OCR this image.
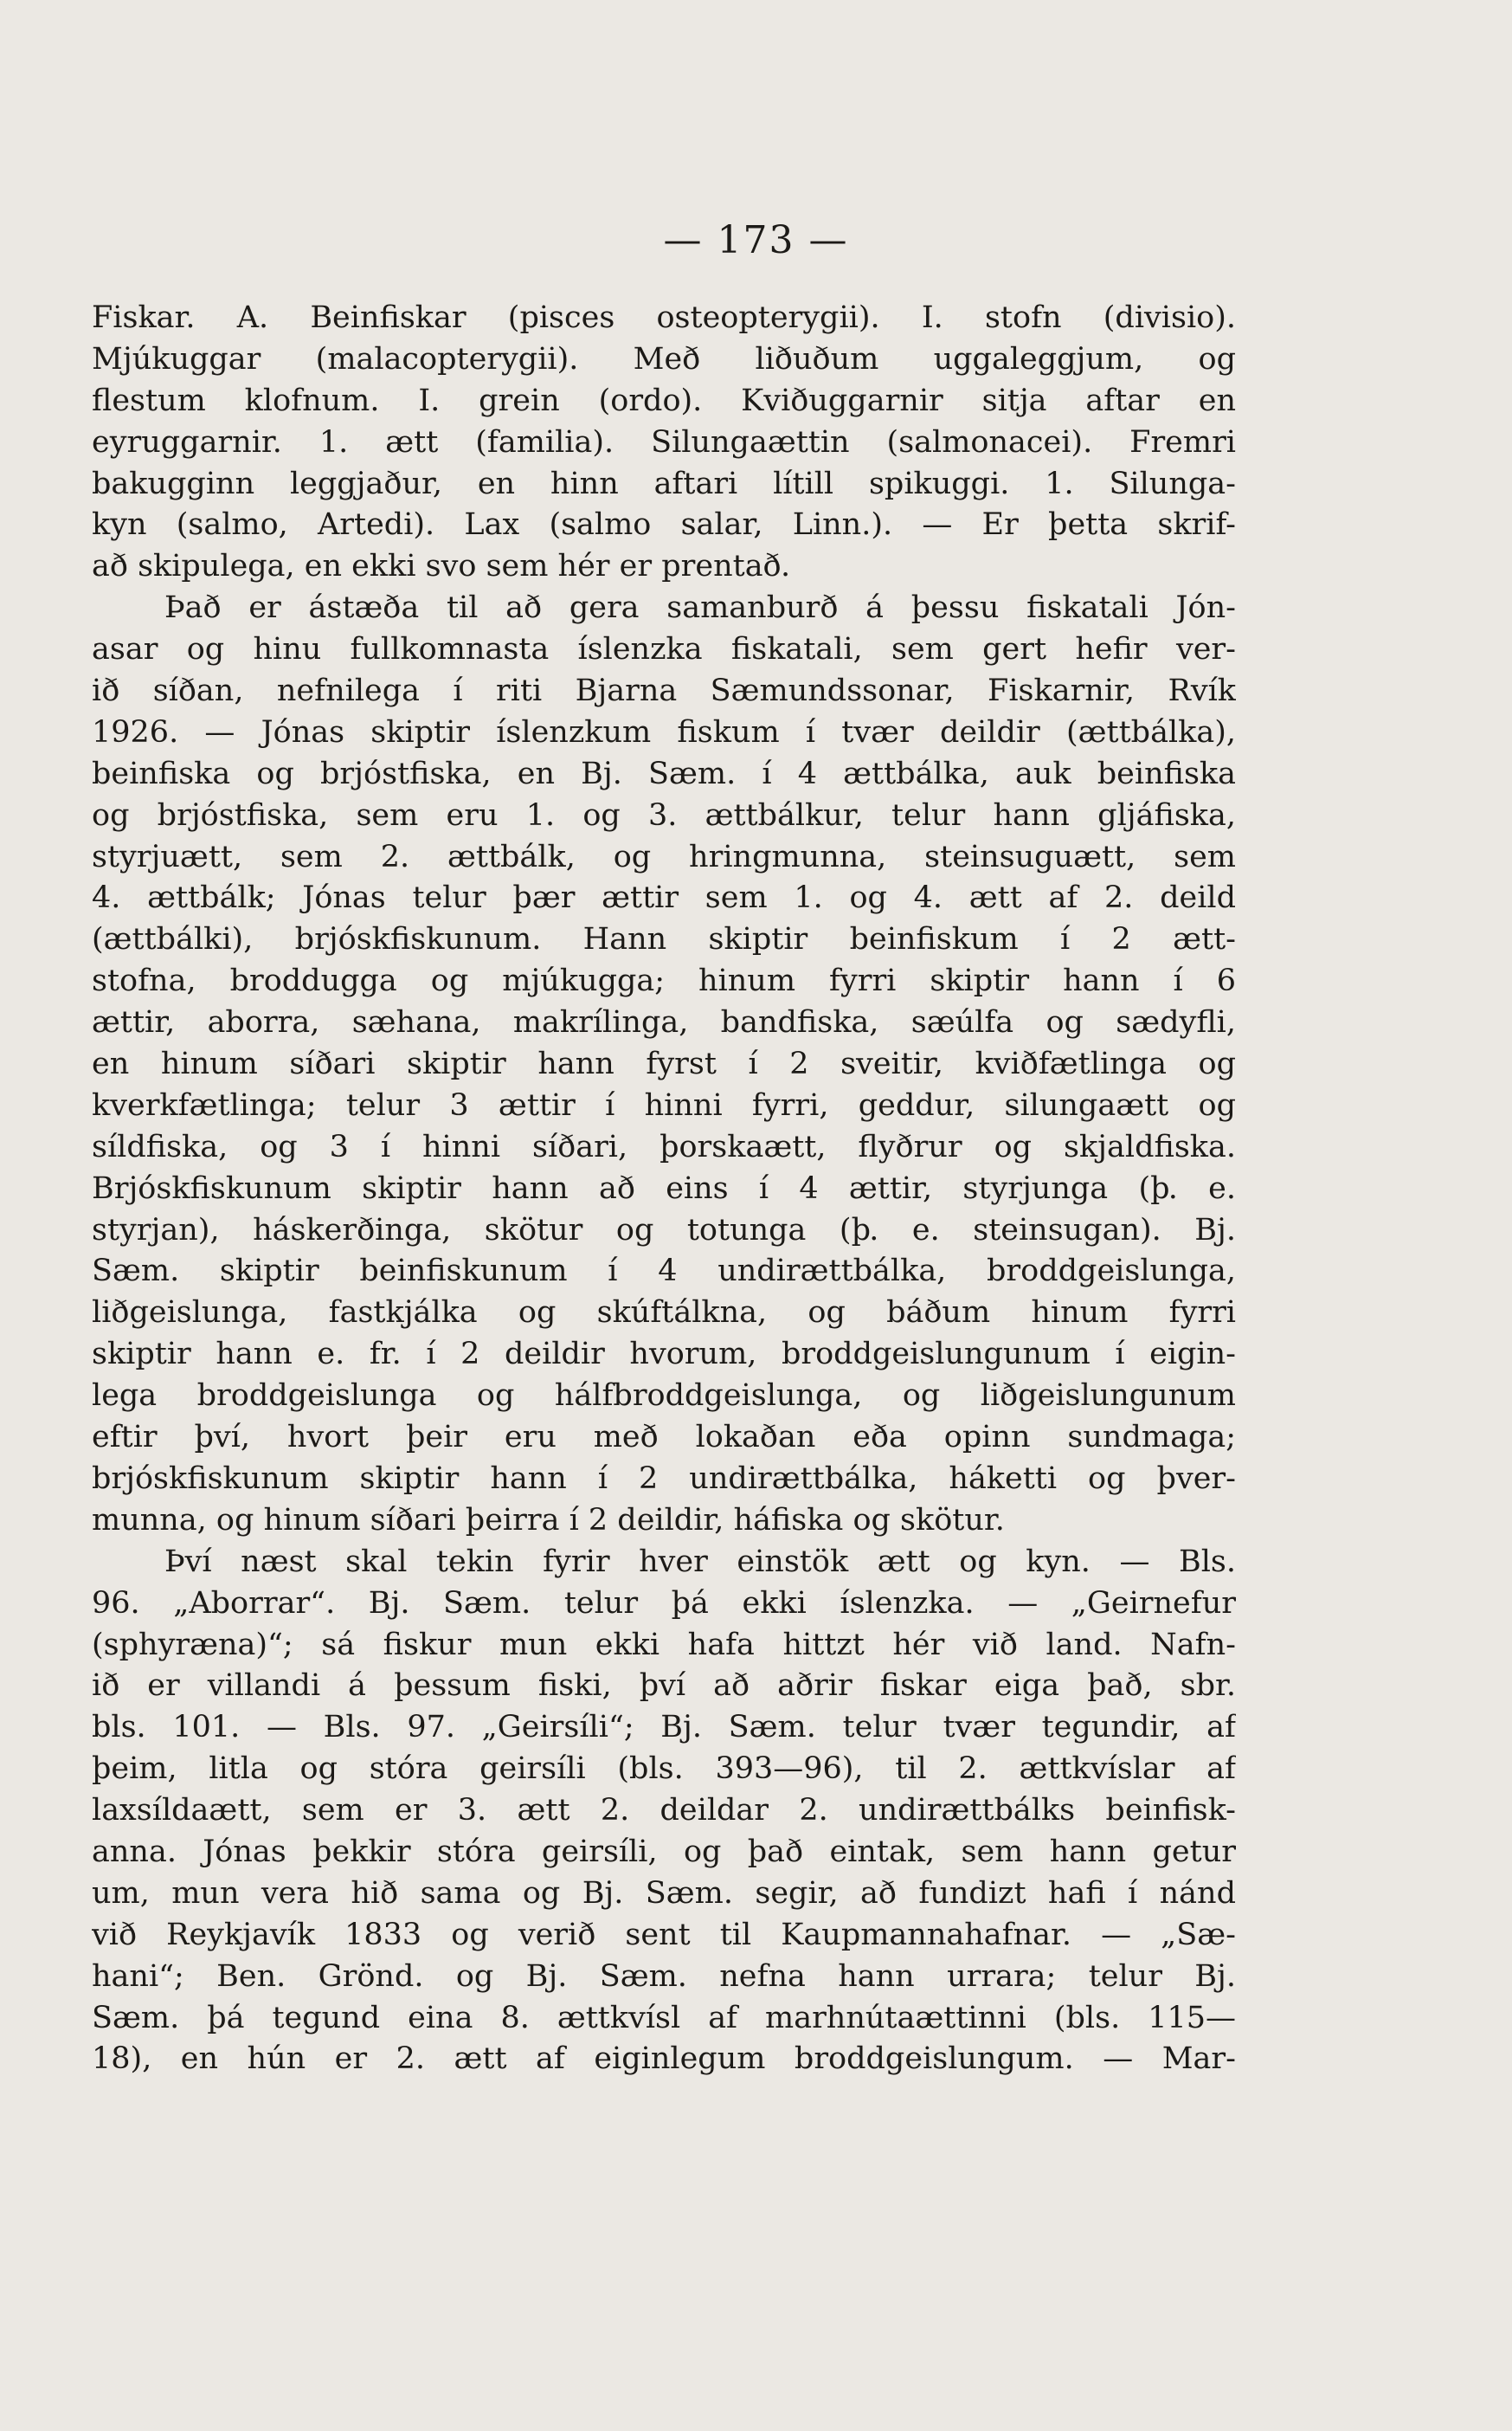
— 173 —
Fiskar. A. Beinfiskar (pisces osteopterygii). I. stofn (divisio).
Mjúkuggar (malacopterygii). Með liðuðum uggaleggjum, og
flestum klofnum. I. grein (ordo). Kviðuggarnir sitja aftar en
eyruggarnir. 1. ætt (familia). Silungaættin (salmonacei). Fremri
bakugginn leggjaður, en hinn aftari lítill spikuggi. 1. Silunga-
kyn (salmo, Artedi). Lax (salmo salar, Linn.). — Er þetta skrif-
að skipulega, en ekki svo sem hér er prentað.
Það er ástæða til að gera samanburð á þessu fiskatali Jón-
asar og hinu fullkomnasta íslenzka fiskatali, sem gert hefir ver-
ið síðan, nefnilega í riti Bjarna Sæmundssonar, Fiskarnir, Rvík
1926. — Jónas skiptir íslenzkum fiskum í tvær deildir (ættbálka),
beinfiska og brjóstfiska, en Bj. Sæm. í 4 ættbálka, auk beinfiska
og brjóstfiska, sem eru 1. og 3. ættbálkur, telur hann gljáfiska,
styrjuætt, sem 2. ættbálk, og hringmunna, steinsuguætt, sem
4. ættbálk; Jónas telur þær ættir sem 1. og 4. ætt af 2. deild
(ættbálki), brjóskfiskunum. Hann skiptir beinfiskum í 2 ætt-
stofna, broddugga og mjúkugga; hinum fyrri skiptir hann í 6
ættir, aborra, sæhana, makrílinga, bandfiska, sæúlfa og sædyfli,
en hinum síðari skiptir hann fyrst í 2 sveitir, kviðfætlinga og
kverkfætlinga; telur 3 ættir í hinni fyrri, geddur, silungaætt og
síldfiska, og 3 í hinni síðari, þorskaætt, flyðrur og skjaldfiska.
Brjóskfiskunum skiptir hann að eins í 4 ættir, styrjunga (þ. e.
styrjan), háskerðinga, skötur og totunga (þ. e. steinsugan). Bj.
Sæm. skiptir beinfiskunum í 4 undirættbálka, broddgeislunga,
liðgeislunga, fastkjálka og skúftálkna, og báðum hinum fyrri
skiptir hann e. fr. í 2 deildir hvorum, broddgeislungunum í eigin-
lega broddgeislunga og hálfbroddgeislunga, og liðgeislungunum
eftir því, hvort þeir eru með lokaðan eða opinn sundmaga;
brjóskfiskunum skiptir hann í 2 undirættbálka, háketti og þver-
munna, og hinum síðari þeirra í 2 deildir, háfiska og skötur.
Því næst skal tekin fyrir hver einstök ætt og kyn. — Bls.
96. „Aborrar“. Bj. Sæm. telur þá ekki íslenzka. — „Geirnefur
(sphyræna)“; sá fiskur mun ekki hafa hittzt hér við land. Nafn-
ið er villandi á þessum fiski, því að aðrir fiskar eiga það, sbr.
bls. 101. — Bls. 97. „Geirsíli“; Bj. Sæm. telur tvær tegundir, af
þeim, litla og stóra geirsíli (bls. 393—96), til 2. ættkvíslar af
laxsíldaætt, sem er 3. ætt 2. deildar 2. undirættbálks beinfisk-
anna. Jónas þekkir stóra geirsíli, og það eintak, sem hann getur
um, mun vera hið sama og Bj. Sæm. segir, að fundizt hafi í nánd
við Reykjavík 1833 og verið sent til Kaupmannahafnar. — „Sæ-
hani“; Ben. Grönd. og Bj. Sæm. nefna hann urrara; telur Bj.
Sæm. þá tegund eina 8. ættkvísl af marhnútaættinni (bls. 115—
18), en hún er 2. ætt af eiginlegum broddgeislungum. — Mar-
